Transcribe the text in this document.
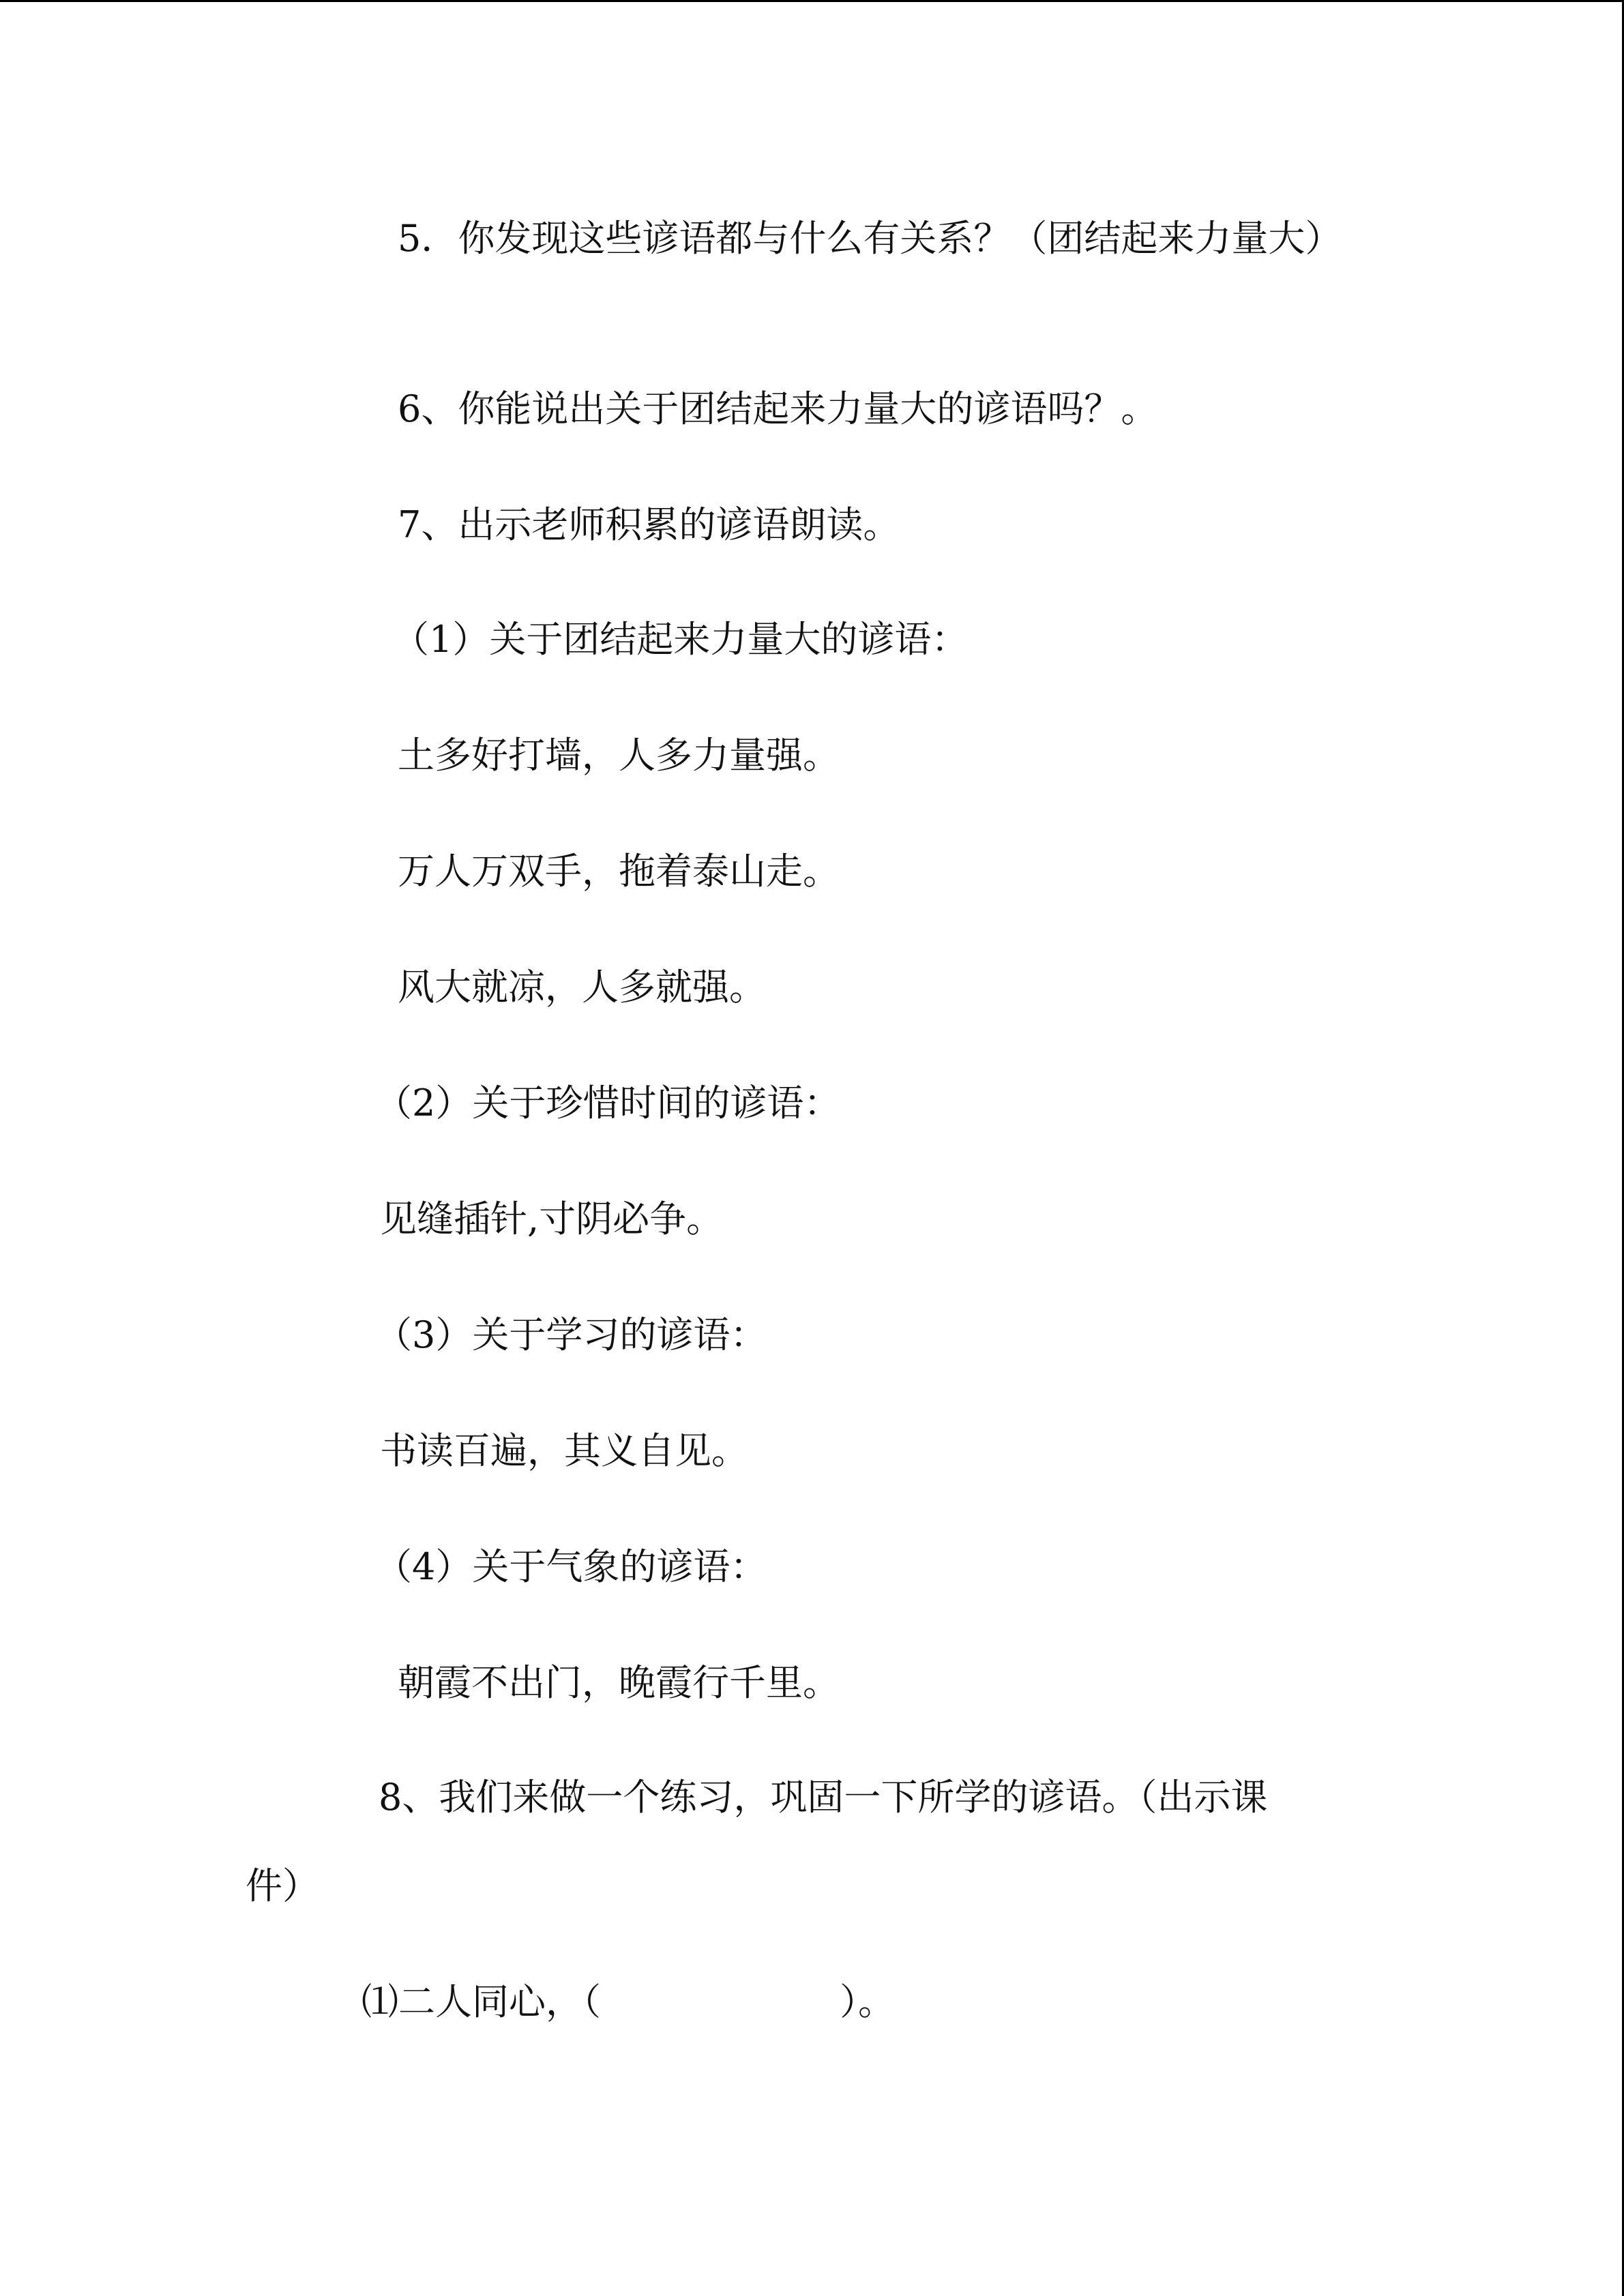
5．你发现这些谚语都与什么有关系？（团结起来力量大）

6、你能说出关于团结起来力量大的谚语吗？。

7、出示老师积累的谚语朗读。

（1）关于团结起来力量大的谚语：

土多好打墙，人多力量强。

万人万双手，拖着泰山走。

风大就凉，人多就强。

（2）关于珍惜时间的谚语：

见缝插针,寸阴必争。

（3）关于学习的谚语：

书读百遍，其义自见。

（4）关于气象的谚语：

朝霞不出门，晚霞行千里。

8、我们来做一个练习，巩固一下所学的谚语。（出示课

件）

⑴二人同心，（	）。
